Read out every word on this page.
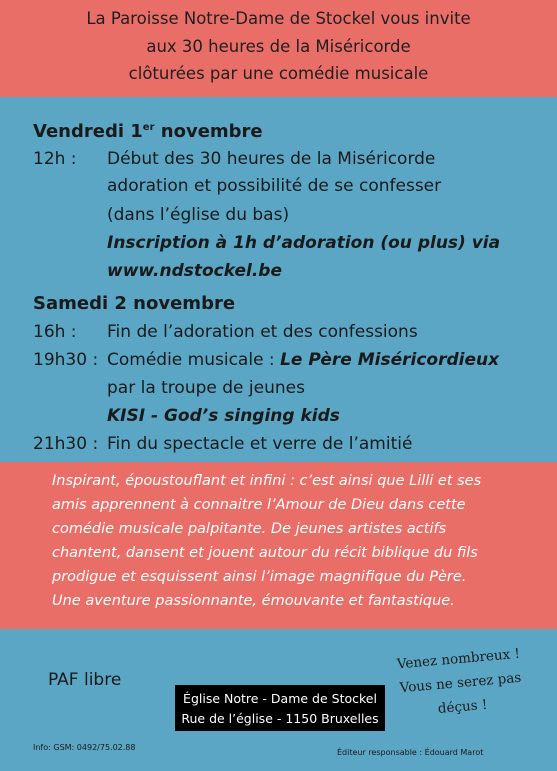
La Paroisse Notre-Dame de Stockel vous invite
aux 30 heures de la Miséricorde
clôturées par une comédie musicale
Vendredi 1er novembre
12h : Début des 30 heures de la Miséricorde
adoration et possibilité de se confesser
(dans l’église du bas)
Inscription à 1h d’adoration (ou plus) via
www.ndstockel.be
Samedi 2 novembre
16h : Fin de l’adoration et des confessions
19h30 : Comédie musicale : Le Père Miséricordieux
par la troupe de jeunes
KISI - God’s singing kids
21h30 : Fin du spectacle et verre de l’amitié
Inspirant, époustouflant et infini : c’est ainsi que Lilli et ses
amis apprennent à connaitre l’Amour de Dieu dans cette
comédie musicale palpitante. De jeunes artistes actifs
chantent, dansent et jouent autour du récit biblique du fils
prodigue et esquissent ainsi l’image magnifique du Père.
Une aventure passionnante, émouvante et fantastique.
PAF libre
Église Notre - Dame de Stockel
Rue de l’église - 1150 Bruxelles
Venez nombreux !
Vous ne serez pas
déçus !
Info: GSM: 0492/75.02.88
Éditeur responsable : Édouard Marot
